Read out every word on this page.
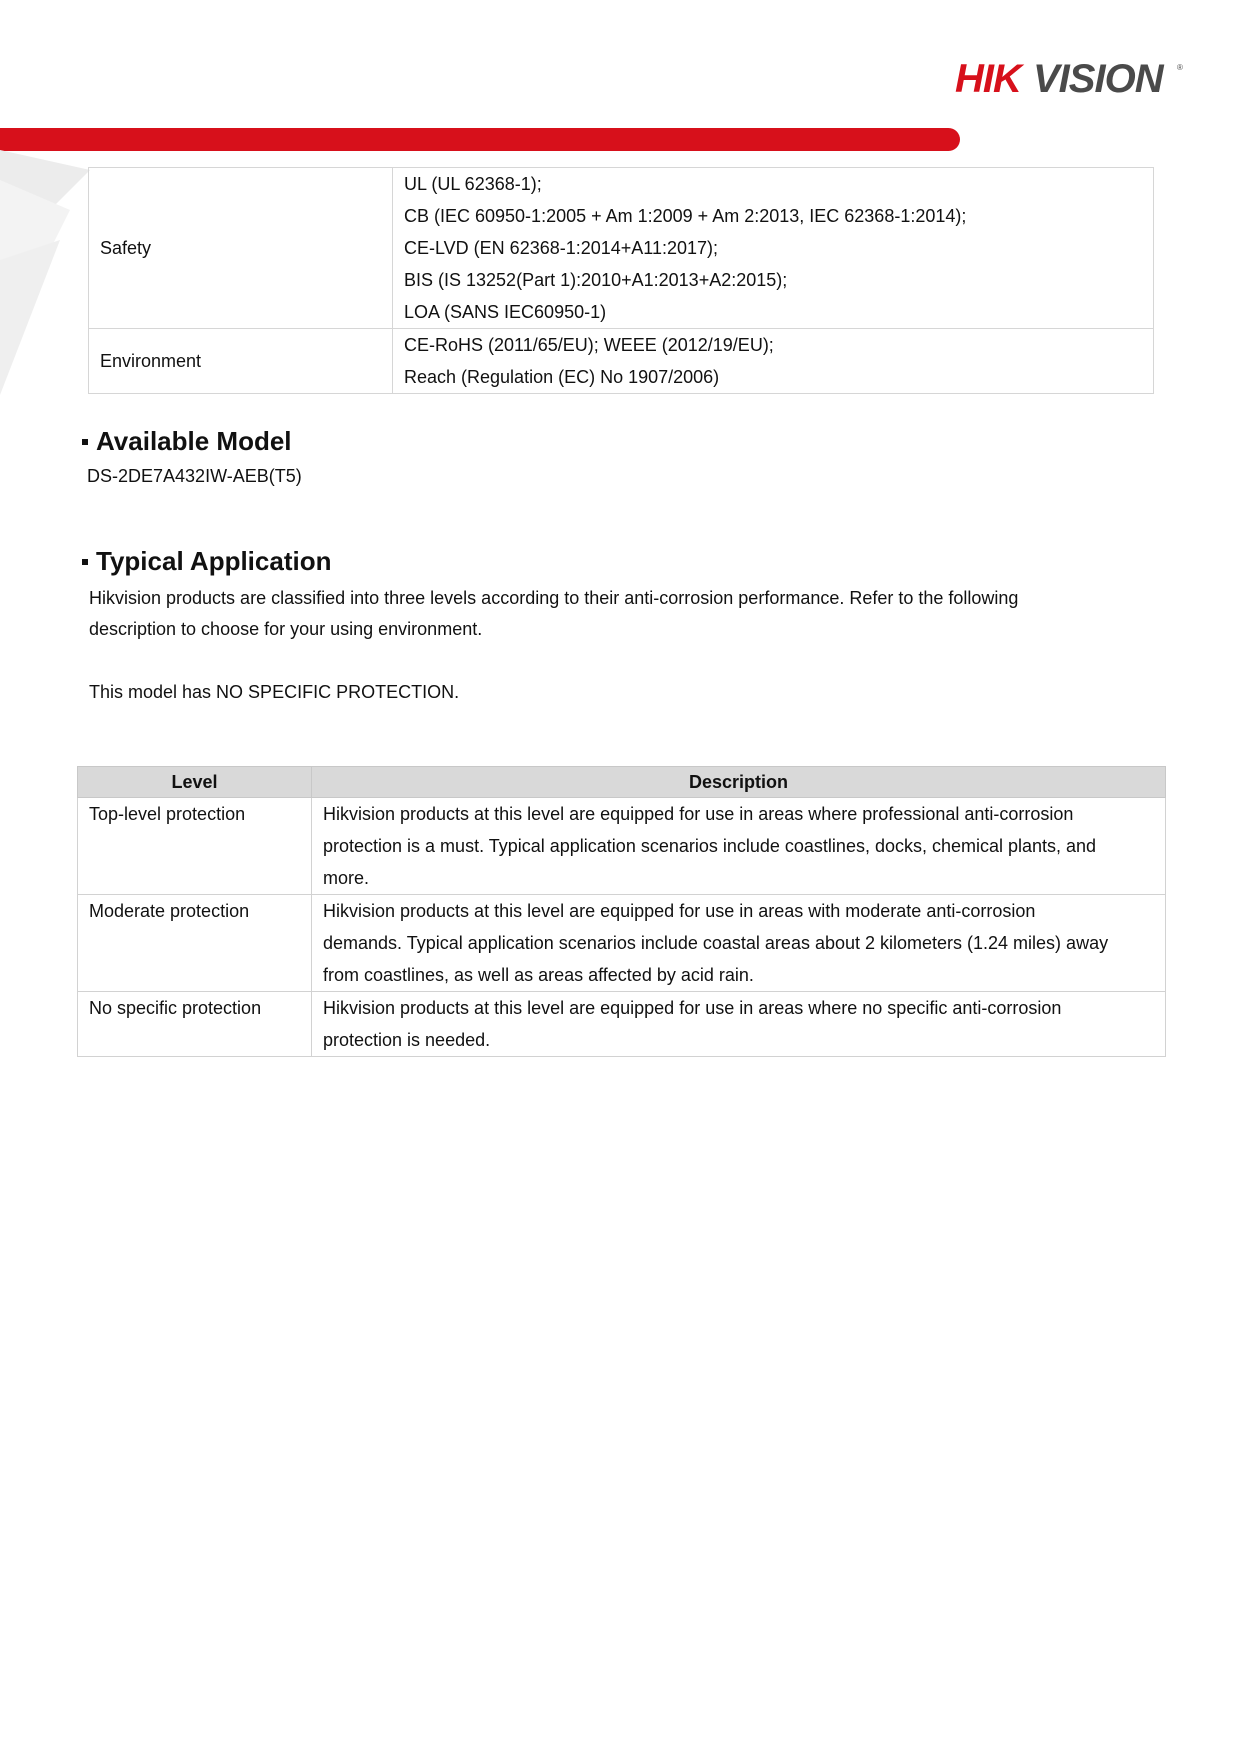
HIK VISION ®
Safety	UL (UL 62368-1);
CB (IEC 60950-1:2005 + Am 1:2009 + Am 2:2013, IEC 62368-1:2014);
CE-LVD (EN 62368-1:2014+A11:2017);
BIS (IS 13252(Part 1):2010+A1:2013+A2:2015);
LOA (SANS IEC60950-1)

Environment	CE-RoHS (2011/65/EU); WEEE (2012/19/EU);
Reach (Regulation (EC) No 1907/2006)
Available Model
DS-2DE7A432IW-AEB(T5)
Typical Application
Hikvision products are classified into three levels according to their anti-corrosion performance. Refer to the following
description to choose for your using environment.
This model has NO SPECIFIC PROTECTION.
Level	Description
Top-level protection	Hikvision products at this level are equipped for use in areas where professional anti-corrosion
protection is a must. Typical application scenarios include coastlines, docks, chemical plants, and
more.

Moderate protection	Hikvision products at this level are equipped for use in areas with moderate anti-corrosion
demands. Typical application scenarios include coastal areas about 2 kilometers (1.24 miles) away
from coastlines, as well as areas affected by acid rain.

No specific protection	Hikvision products at this level are equipped for use in areas where no specific anti-corrosion
protection is needed.
